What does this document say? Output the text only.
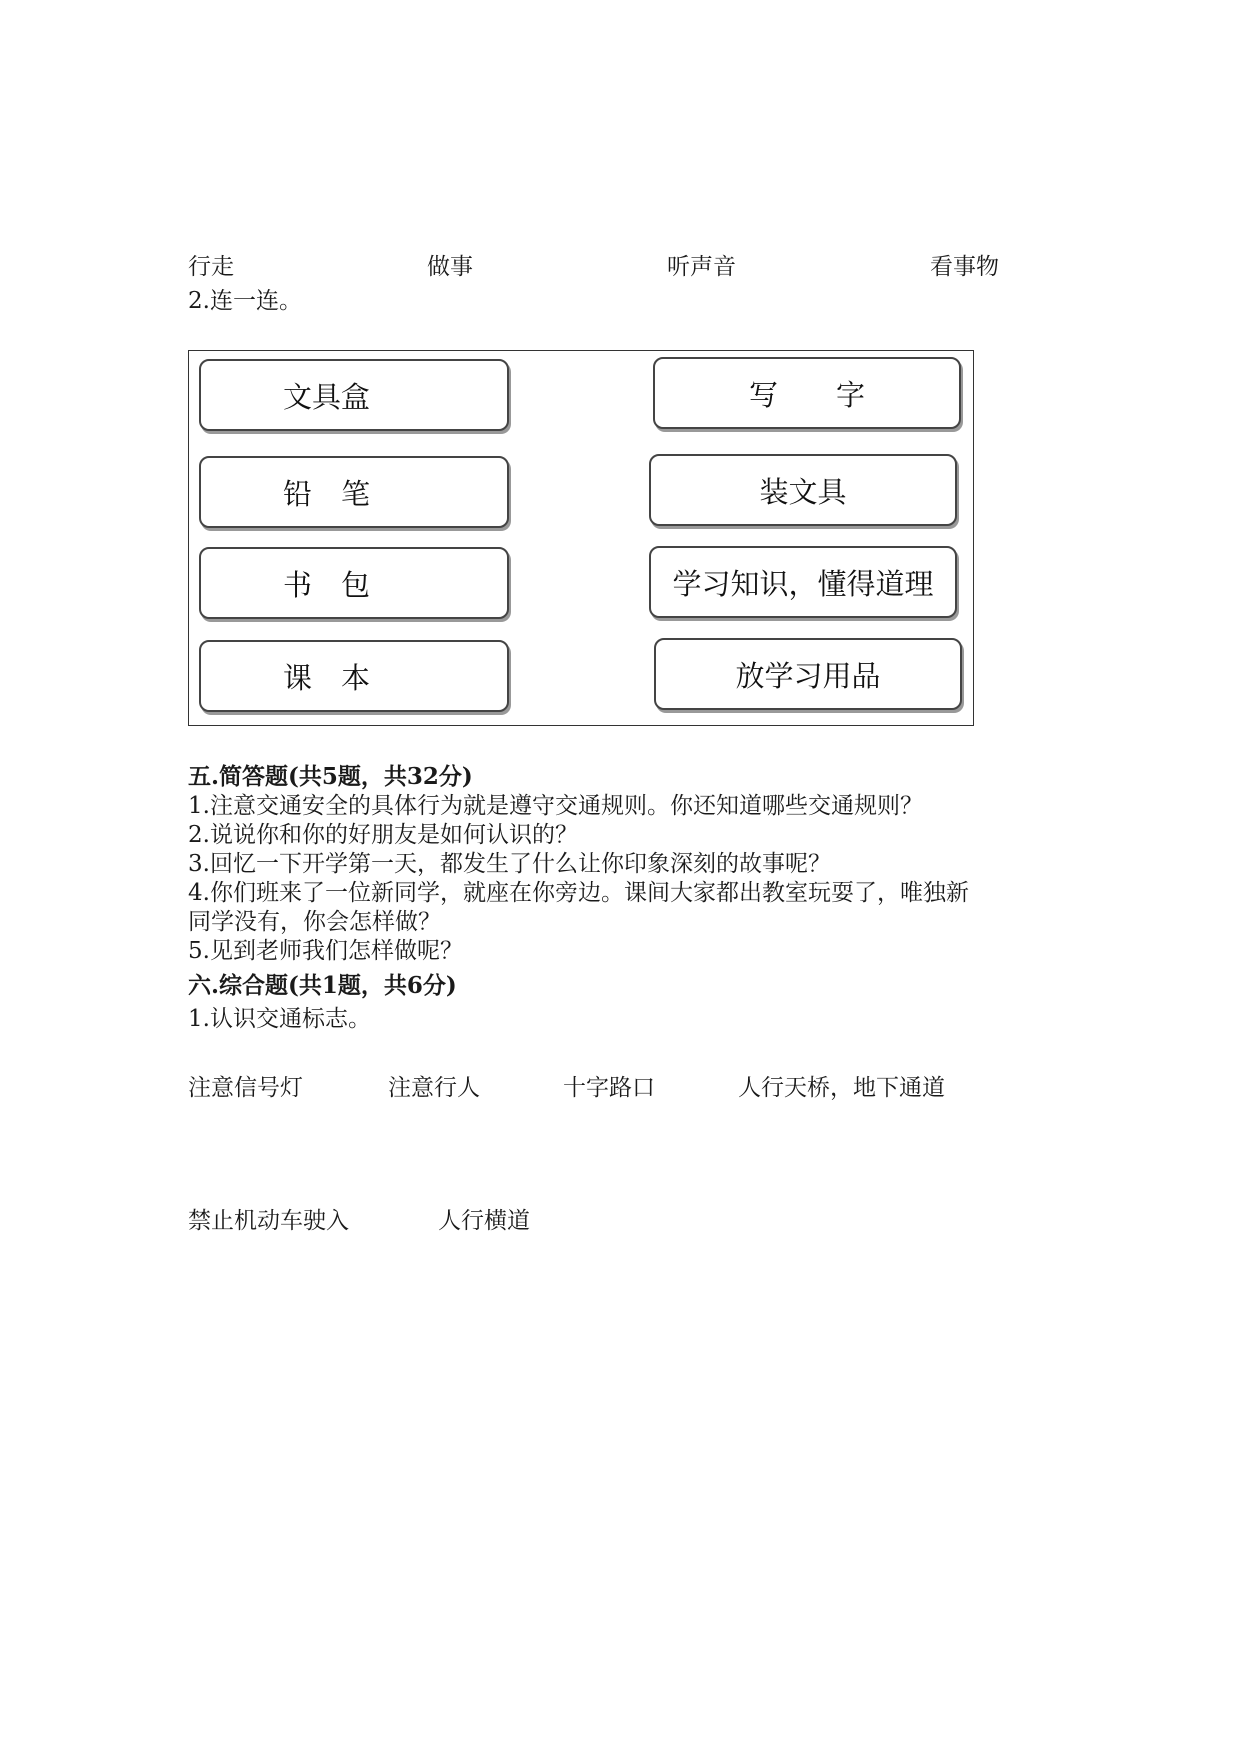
行走	做事	听声音	看事物
2.连一连。
文具盒
铅　笔
书　包
课　本
写　　字
装文具
学习知识，懂得道理
放学习用品
五.简答题(共5题，共32分)
1.注意交通安全的具体行为就是遵守交通规则。你还知道哪些交通规则？
2.说说你和你的好朋友是如何认识的？
3.回忆一下开学第一天，都发生了什么让你印象深刻的故事呢？
4.你们班来了一位新同学，就座在你旁边。课间大家都出教室玩耍了，唯独新
同学没有，你会怎样做？
5.见到老师我们怎样做呢？
六.综合题(共1题，共6分)
1.认识交通标志。
注意信号灯	注意行人	十字路口	人行天桥，地下通道
禁止机动车驶入	人行横道
